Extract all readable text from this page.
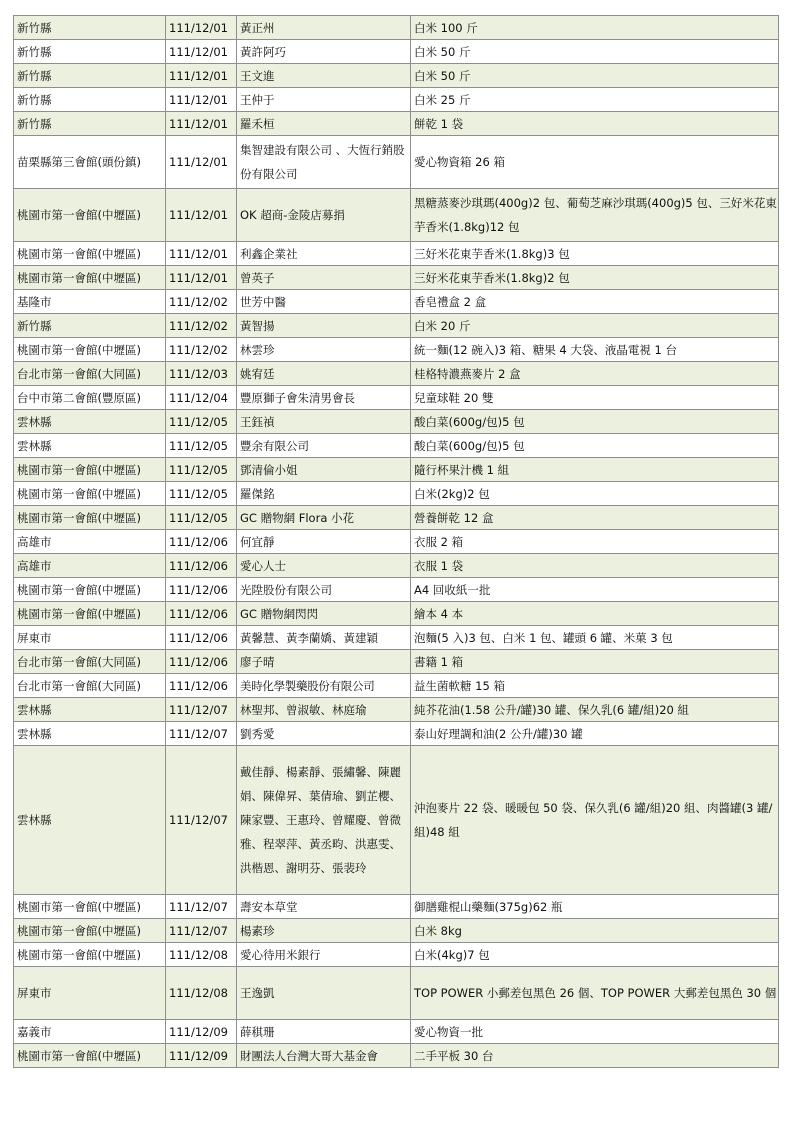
新竹縣	111/12/01	黃正州	白米 100 斤
新竹縣	111/12/01	黃許阿巧	白米 50 斤
新竹縣	111/12/01	王文進	白米 50 斤
新竹縣	111/12/01	王仲于	白米 25 斤
新竹縣	111/12/01	羅禾桓	餅乾 1 袋
苗栗縣第三會館(頭份鎮)	111/12/01	集智建設有限公司 、大恆行銷股份有限公司	愛心物資箱 26 箱
桃園市第一會館(中壢區)	111/12/01	OK 超商-金陵店募捐	黑糖蒸麥沙琪瑪(400g)2 包、葡萄芝麻沙琪瑪(400g)5 包、三好米花東芋香米(1.8kg)12 包
桃園市第一會館(中壢區)	111/12/01	利鑫企業社	三好米花東芋香米(1.8kg)3 包
桃園市第一會館(中壢區)	111/12/01	曾英子	三好米花東芋香米(1.8kg)2 包
基隆市	111/12/02	世芳中醫	香皂禮盒 2 盒
新竹縣	111/12/02	黃智揚	白米 20 斤
桃園市第一會館(中壢區)	111/12/02	林雲珍	統一麵(12 碗入)3 箱、糖果 4 大袋、液晶電視 1 台
台北市第一會館(大同區)	111/12/03	姚宥廷	桂格特濃燕麥片 2 盒
台中市第二會館(豐原區)	111/12/04	豐原獅子會朱清男會長	兒童球鞋 20 雙
雲林縣	111/12/05	王鈺禎	酸白菜(600g/包)5 包
雲林縣	111/12/05	豐余有限公司	酸白菜(600g/包)5 包
桃園市第一會館(中壢區)	111/12/05	鄧清倫小姐	隨行杯果汁機 1 組
桃園市第一會館(中壢區)	111/12/05	羅傑銘	白米(2kg)2 包
桃園市第一會館(中壢區)	111/12/05	GC 贈物網 Flora 小花	營養餅乾 12 盒
高雄市	111/12/06	何宜靜	衣服 2 箱
高雄市	111/12/06	愛心人士	衣服 1 袋
桃園市第一會館(中壢區)	111/12/06	光陞股份有限公司	A4 回收紙一批
桃園市第一會館(中壢區)	111/12/06	GC 贈物網閃閃	繪本 4 本
屏東市	111/12/06	黃馨慧、黃李蘭嬌、黃建穎	泡麵(5 入)3 包、白米 1 包、罐頭 6 罐、米菓 3 包
台北市第一會館(大同區)	111/12/06	廖子晴	書籍 1 箱
台北市第一會館(大同區)	111/12/06	美時化學製藥股份有限公司	益生菌軟糖 15 箱
雲林縣	111/12/07	林聖邦、曾淑敏、林庭瑜	純芥花油(1.58 公升/罐)30 罐、保久乳(6 罐/組)20 組
雲林縣	111/12/07	劉秀愛	泰山好理調和油(2 公升/罐)30 罐
雲林縣	111/12/07	戴佳靜、楊素靜、張繡馨、陳麗娟、陳偉昇、葉倩瑜、劉芷櫻、陳家豐、王惠玲、曾耀慶、曾微雅、程翠萍、黃丞畇、洪惠雯、洪楷恩、謝明芬、張裴玲	沖泡麥片 22 袋、暖暖包 50 袋、保久乳(6 罐/組)20 組、肉醬罐(3 罐/組)48 組
桃園市第一會館(中壢區)	111/12/07	壽安本草堂	御膳雞棍山藥麵(375g)62 瓶
桃園市第一會館(中壢區)	111/12/07	楊素珍	白米 8kg
桃園市第一會館(中壢區)	111/12/08	愛心待用米銀行	白米(4kg)7 包
屏東市	111/12/08	王逸凱	TOP POWER 小郵差包黑色 26 個、TOP POWER 大郵差包黑色 30 個
嘉義市	111/12/09	薛稘珊	愛心物資一批
桃園市第一會館(中壢區)	111/12/09	財團法人台灣大哥大基金會	二手平板 30 台
